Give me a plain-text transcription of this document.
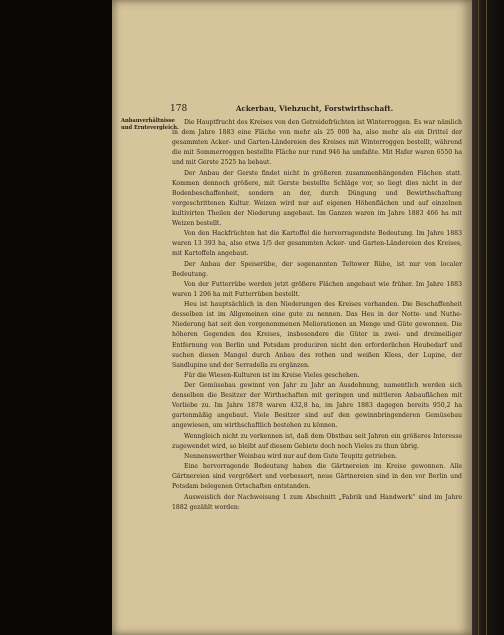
178	Ackerbau, Viehzucht, Forstwirthschaft.
Anbauverhältnisse
und Erntevergleich.

Die Hauptfrucht des Kreises von den Getreidefrüchten ist Winterroggen. Es war nämlich in dem Jahre 1883 eine Fläche von mehr als 25 000 ha, also mehr als ein Drittel der gesammten Acker- und Garten-Ländereien des Kreises mit Winterroggen bestellt, während die mit Sommerroggen bestellte Fläche nur rund 946 ha umfaßte. Mit Hafer waren 6550 ha und mit Gerste 2525 ha bebaut.

Der Anbau der Gerste findet nicht in größeren zusammenhängenden Flächen statt. Kommen dennoch größere, mit Gerste bestellte Schläge vor, so liegt dies nicht in der Bodenbeschaffenheit, sondern an der, durch Düngung und Bewirthschaftung vorgeschrittenen Kultur. Weizen wird nur auf eigenen Höhenflächen und auf einzelnen kultivirten Theilen der Niederung angebaut. Im Ganzen waren im Jahre 1883 466 ha mit Weizen bestellt.

Von den Hackfrüchten hat die Kartoffel die hervorragendste Bedeutung. Im Jahre 1883 waren 13 393 ha, also etwa 1/5 der gesammten Acker- und Garten-Ländereien des Kreises, mit Kartoffeln angebaut.

Der Anbau der Speiserübe, der sogenannten Teltower Rübe, ist nur von localer Bedeutung.

Von der Futterrübe werden jetzt größere Flächen angebaut wie früher. Im Jahre 1883 waren 1 206 ha mit Futterrüben bestellt.

Heu ist hauptsächlich in den Niederungen des Kreises vorhanden. Die Beschaffenheit desselben ist im Allgemeinen eine gute zu nennen. Das Heu in der Notte- und Nuthe-Niederung hat seit den vorgenommenen Meliorationen an Menge und Güte gewonnen. Die höheren Gegenden des Kreises, insbesondere die Güter in zwei- und dreimeiliger Entfernung von Berlin und Potsdam produciren nicht den erforderlichen Heubedarf und suchen diesen Mangel durch Anbau des rothen und weißen Klees, der Lupine, der Sandlupine und der Serradella zu ergänzen.

Für die Wiesen-Kulturen ist im Kreise Vieles geschehen.

Der Gemüsebau gewinnt von Jahr zu Jahr an Ausdehnung, namentlich werden sich denselben die Besitzer der Wirthschaften mit geringen und mittleren Anbauflächen mit Vorliebe zu. Im Jahre 1878 waren 432,8 ha, im Jahre 1883 dagegen bereits 950,2 ha gartenmäßig angebaut. Viele Besitzer sind auf den gewinnbringenderen Gemüsebau angewiesen, um wirthschaftlich bestehen zu können.

Wenngleich nicht zu verkennen ist, daß dem Obstbau seit Jahren ein größeres Interesse zugewendet wird, so bleibt auf diesem Gebiete doch noch Vieles zu thun übrig.

Nennenswerther Weinbau wird nur auf dem Gute Teupitz getrieben.

Eine hervorragende Bedeutung haben die Gärtnereien im Kreise gewonnen. Alle Gärtnereien sind vergrößert und verbessert, neue Gärtnereien sind in den vor Berlin und Potsdam belegenen Ortschaften entstanden.

Ausweislich der Nachweisung 1 zum Abschnitt „Fabrik und Handwerk“ sind im Jahre 1882 gezählt worden:
